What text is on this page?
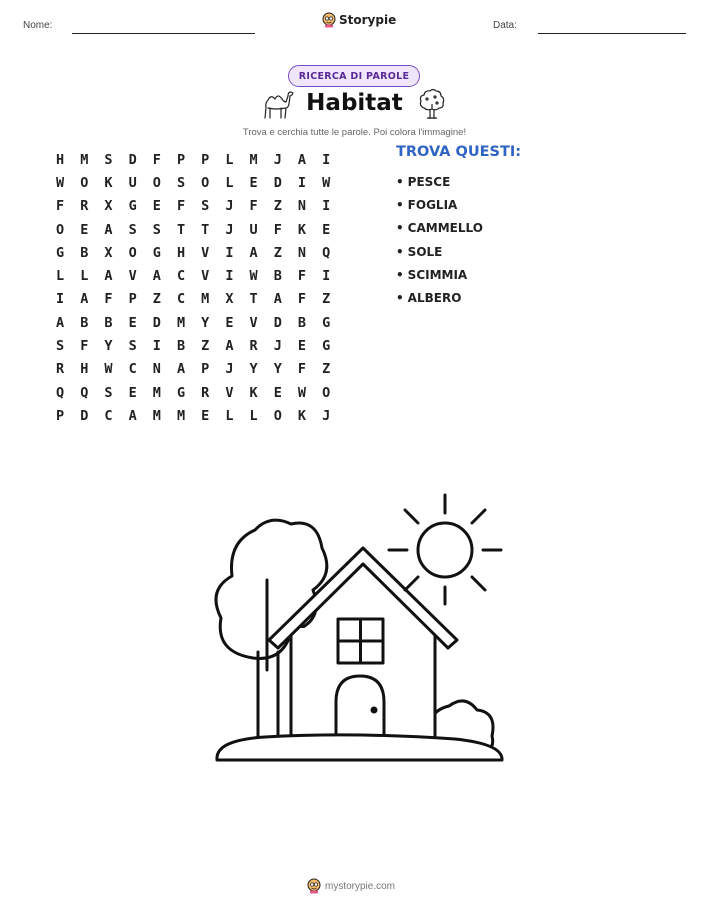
Nome:	Storypie	Data:
RICERCA DI PAROLE
Habitat
Trova e cerchia tutte le parole. Poi colora l'immagine!
H	M	S	D	F	P	P	L	M	J	A	I
W	O	K	U	O	S	O	L	E	D	I	W
F	R	X	G	E	F	S	J	F	Z	N	I
O	E	A	S	S	T	T	J	U	F	K	E
G	B	X	O	G	H	V	I	A	Z	N	Q
L	L	A	V	A	C	V	I	W	B	F	I
I	A	F	P	Z	C	M	X	T	A	F	Z
A	B	B	E	D	M	Y	E	V	D	B	G
S	F	Y	S	I	B	Z	A	R	J	E	G
R	H	W	C	N	A	P	J	Y	Y	F	Z
Q	Q	S	E	M	G	R	V	K	E	W	O
P	D	C	A	M	M	E	L	L	O	K	J
TROVA QUESTI:
• PESCE
• FOGLIA
• CAMMELLO
• SOLE
• SCIMMIA
• ALBERO
mystorypie.com
